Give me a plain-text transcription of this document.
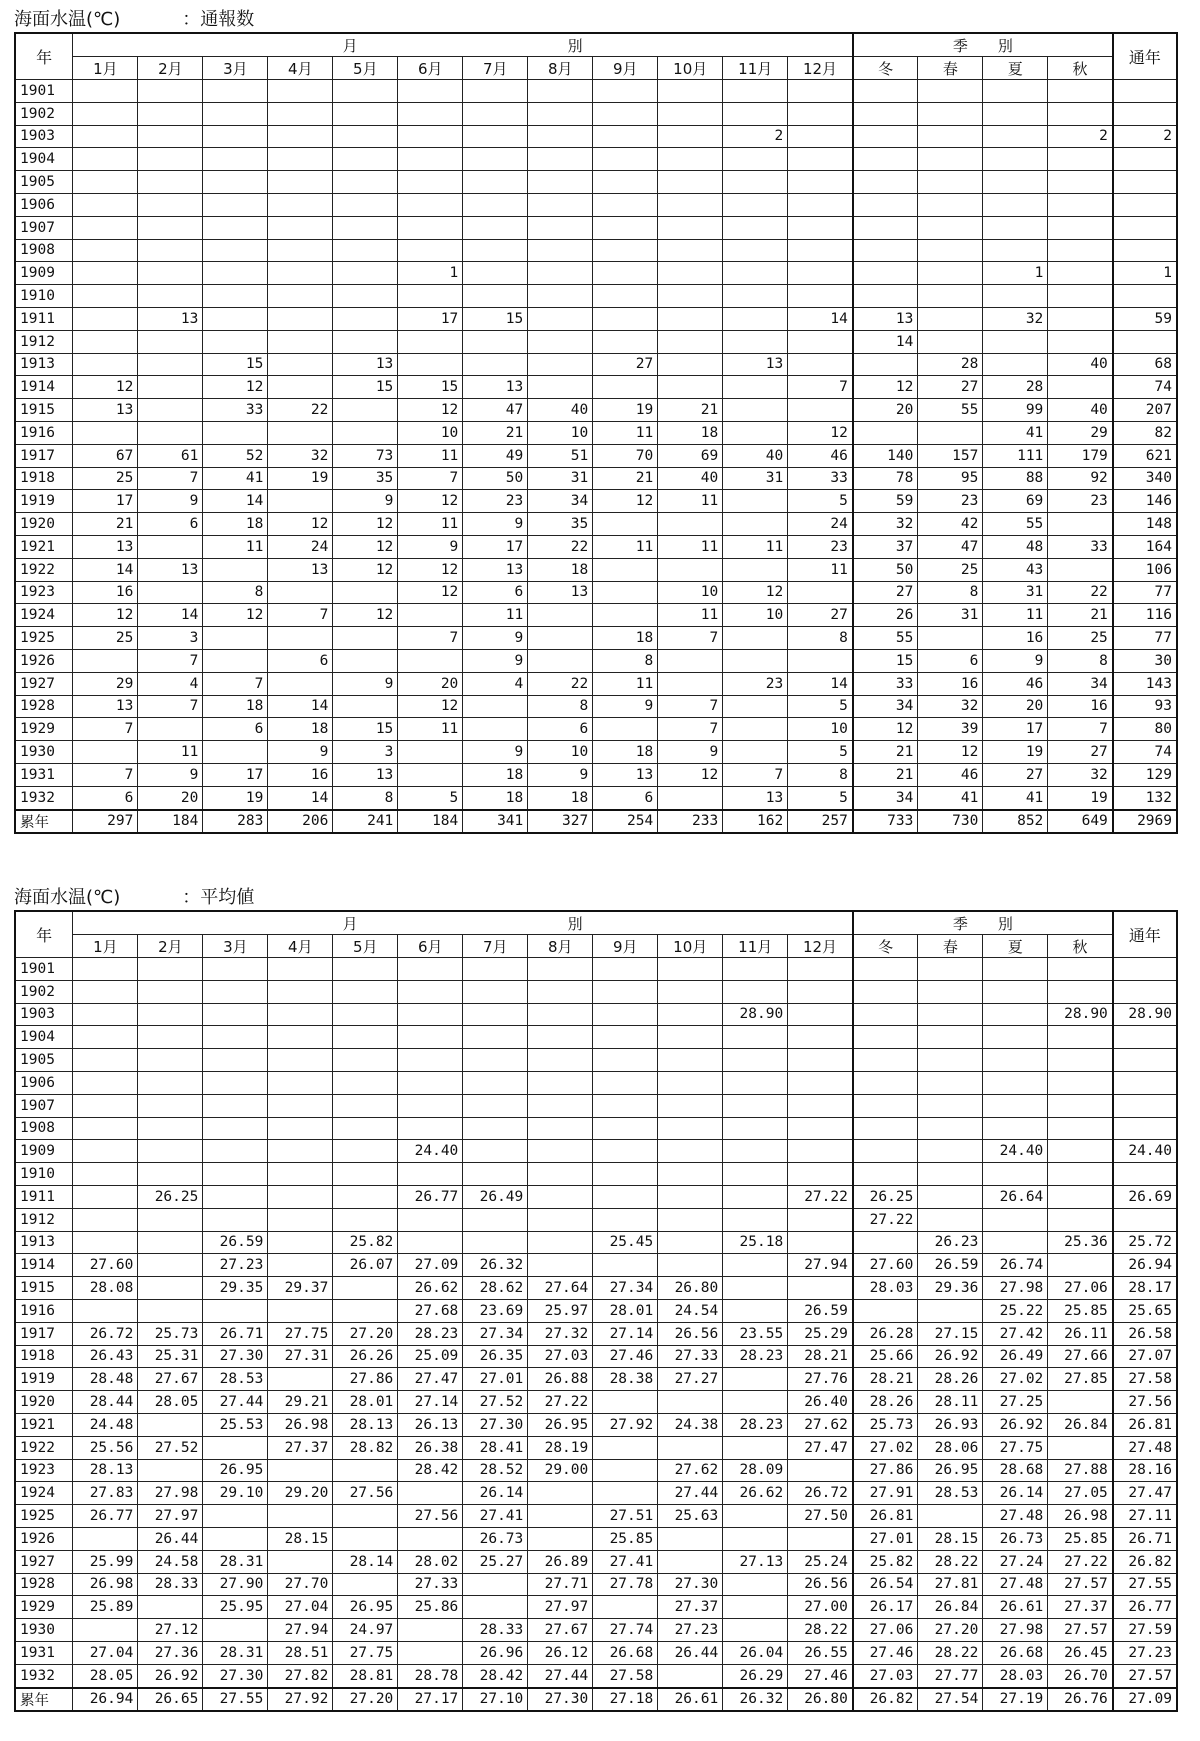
海面水温(℃)	：通報数
年	月　　　　　　　　　　　　　　別												季　　別				通年
	1月	2月	3月	4月	5月	6月	7月	8月	9月	10月	11月	12月	冬	春	夏	秋	
1901																	
1902																	
1903											2					2	2
1904																	
1905																	
1906																	
1907																	
1908																	
1909						1									1		1
1910																	
1911		13				17	15					14	13		32		59
1912													14				
1913			15		13				27		13			28		40	68
1914	12		12		15	15	13					7	12	27	28		74
1915	13		33	22		12	47	40	19	21			20	55	99	40	207
1916						10	21	10	11	18		12			41	29	82
1917	67	61	52	32	73	11	49	51	70	69	40	46	140	157	111	179	621
1918	25	7	41	19	35	7	50	31	21	40	31	33	78	95	88	92	340
1919	17	9	14		9	12	23	34	12	11		5	59	23	69	23	146
1920	21	6	18	12	12	11	9	35				24	32	42	55		148
1921	13		11	24	12	9	17	22	11	11	11	23	37	47	48	33	164
1922	14	13		13	12	12	13	18				11	50	25	43		106
1923	16		8			12	6	13		10	12		27	8	31	22	77
1924	12	14	12	7	12		11			11	10	27	26	31	11	21	116
1925	25	3				7	9		18	7		8	55		16	25	77
1926		7		6			9		8				15	6	9	8	30
1927	29	4	7		9	20	4	22	11		23	14	33	16	46	34	143
1928	13	7	18	14		12		8	9	7		5	34	32	20	16	93
1929	7		6	18	15	11		6		7		10	12	39	17	7	80
1930		11		9	3		9	10	18	9		5	21	12	19	27	74
1931	7	9	17	16	13		18	9	13	12	7	8	21	46	27	32	129
1932	6	20	19	14	8	5	18	18	6		13	5	34	41	41	19	132
累年	297	184	283	206	241	184	341	327	254	233	162	257	733	730	852	649	2969
海面水温(℃)	：平均値
年	月　　　　　　　　　　　　　　別												季　　別				通年
	1月	2月	3月	4月	5月	6月	7月	8月	9月	10月	11月	12月	冬	春	夏	秋	
1901																	
1902																	
1903											28.90					28.90	28.90
1904																	
1905																	
1906																	
1907																	
1908																	
1909						24.40									24.40		24.40
1910																	
1911		26.25				26.77	26.49					27.22	26.25		26.64		26.69
1912													27.22				
1913			26.59		25.82				25.45		25.18			26.23		25.36	25.72
1914	27.60		27.23		26.07	27.09	26.32					27.94	27.60	26.59	26.74		26.94
1915	28.08		29.35	29.37		26.62	28.62	27.64	27.34	26.80			28.03	29.36	27.98	27.06	28.17
1916						27.68	23.69	25.97	28.01	24.54		26.59			25.22	25.85	25.65
1917	26.72	25.73	26.71	27.75	27.20	28.23	27.34	27.32	27.14	26.56	23.55	25.29	26.28	27.15	27.42	26.11	26.58
1918	26.43	25.31	27.30	27.31	26.26	25.09	26.35	27.03	27.46	27.33	28.23	28.21	25.66	26.92	26.49	27.66	27.07
1919	28.48	27.67	28.53		27.86	27.47	27.01	26.88	28.38	27.27		27.76	28.21	28.26	27.02	27.85	27.58
1920	28.44	28.05	27.44	29.21	28.01	27.14	27.52	27.22				26.40	28.26	28.11	27.25		27.56
1921	24.48		25.53	26.98	28.13	26.13	27.30	26.95	27.92	24.38	28.23	27.62	25.73	26.93	26.92	26.84	26.81
1922	25.56	27.52		27.37	28.82	26.38	28.41	28.19				27.47	27.02	28.06	27.75		27.48
1923	28.13		26.95			28.42	28.52	29.00		27.62	28.09		27.86	26.95	28.68	27.88	28.16
1924	27.83	27.98	29.10	29.20	27.56		26.14			27.44	26.62	26.72	27.91	28.53	26.14	27.05	27.47
1925	26.77	27.97				27.56	27.41		27.51	25.63		27.50	26.81		27.48	26.98	27.11
1926		26.44		28.15			26.73		25.85				27.01	28.15	26.73	25.85	26.71
1927	25.99	24.58	28.31		28.14	28.02	25.27	26.89	27.41		27.13	25.24	25.82	28.22	27.24	27.22	26.82
1928	26.98	28.33	27.90	27.70		27.33		27.71	27.78	27.30		26.56	26.54	27.81	27.48	27.57	27.55
1929	25.89		25.95	27.04	26.95	25.86		27.97		27.37		27.00	26.17	26.84	26.61	27.37	26.77
1930		27.12		27.94	24.97		28.33	27.67	27.74	27.23		28.22	27.06	27.20	27.98	27.57	27.59
1931	27.04	27.36	28.31	28.51	27.75		26.96	26.12	26.68	26.44	26.04	26.55	27.46	28.22	26.68	26.45	27.23
1932	28.05	26.92	27.30	27.82	28.81	28.78	28.42	27.44	27.58		26.29	27.46	27.03	27.77	28.03	26.70	27.57
累年	26.94	26.65	27.55	27.92	27.20	27.17	27.10	27.30	27.18	26.61	26.32	26.80	26.82	27.54	27.19	26.76	27.09
